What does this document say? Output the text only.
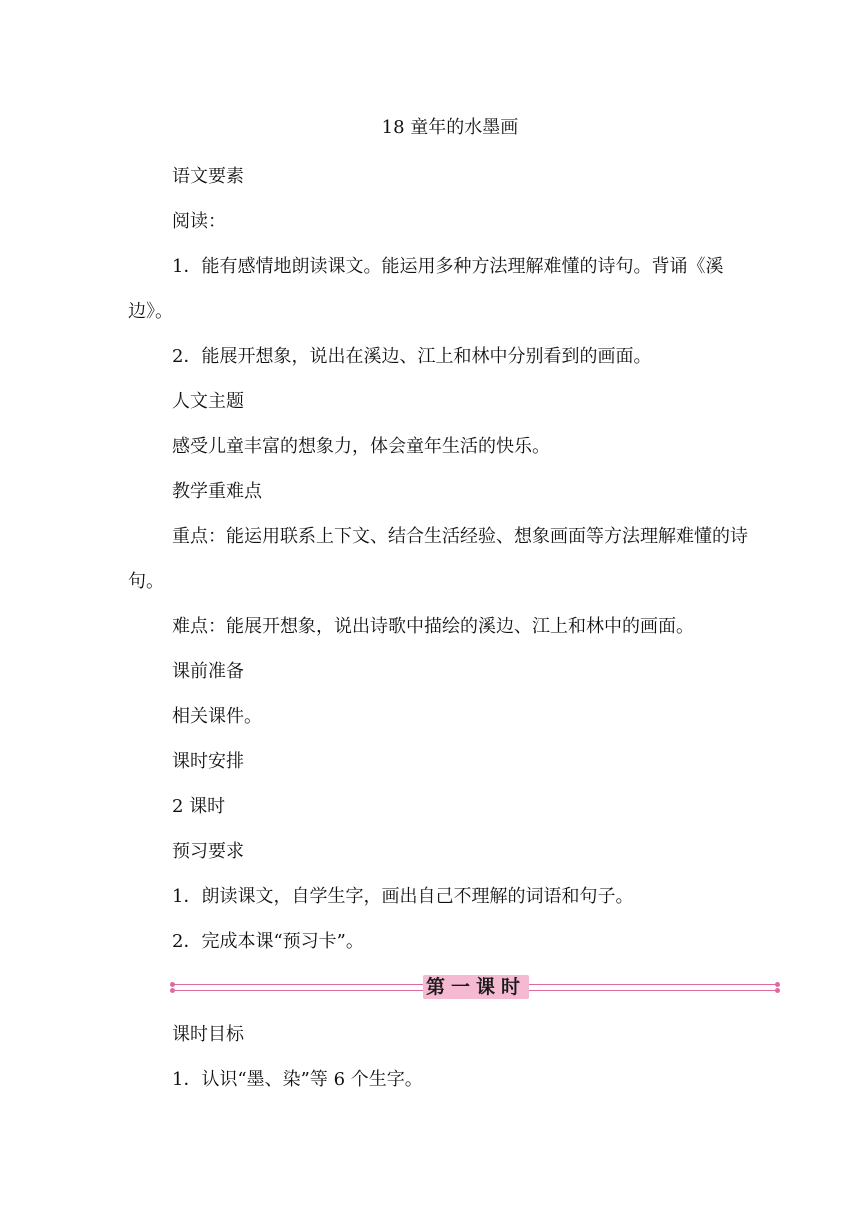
18 童年的水墨画

语文要素

阅读：

1．能有感情地朗读课文。能运用多种方法理解难懂的诗句。背诵《溪边》。

2．能展开想象，说出在溪边、江上和林中分别看到的画面。

人文主题

感受儿童丰富的想象力，体会童年生活的快乐。

教学重难点

重点：能运用联系上下文、结合生活经验、想象画面等方法理解难懂的诗句。

难点：能展开想象，说出诗歌中描绘的溪边、江上和林中的画面。

课前准备

相关课件。

课时安排

2 课时

预习要求

1．朗读课文，自学生字，画出自己不理解的词语和句子。

2．完成本课“预习卡”。

第一课时

课时目标

1．认识“墨、染”等 6 个生字。
